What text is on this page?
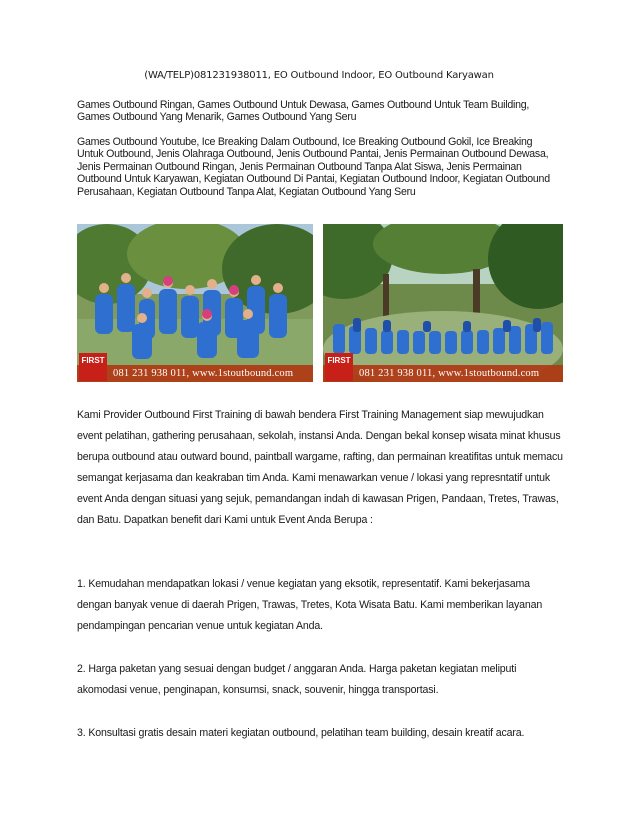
(WA/TELP)081231938011, EO Outbound Indoor, EO Outbound Karyawan

Games Outbound Ringan, Games Outbound Untuk Dewasa, Games Outbound Untuk Team Building, Games Outbound Yang Menarik, Games Outbound Yang Seru

Games Outbound Youtube, Ice Breaking Dalam Outbound, Ice Breaking Outbound Gokil, Ice Breaking Untuk Outbound, Jenis Olahraga Outbound, Jenis Outbound Pantai, Jenis Permainan Outbound Dewasa, Jenis Permainan Outbound Ringan, Jenis Permainan Outbound Tanpa Alat Siswa, Jenis Permainan Outbound Untuk Karyawan, Kegiatan Outbound Di Pantai, Kegiatan Outbound Indoor, Kegiatan Outbound Perusahaan, Kegiatan Outbound Tanpa Alat, Kegiatan Outbound Yang Seru

FIRST
081 231 938 011, www.1stoutbound.com
FIRST
081 231 938 011, www.1stoutbound.com

Kami Provider Outbound First Training di bawah bendera First Training Management siap mewujudkan event pelatihan, gathering perusahaan, sekolah, instansi Anda. Dengan bekal konsep wisata minat khusus berupa outbound atau outward bound, paintball wargame, rafting, dan permainan kreatifitas untuk memacu semangat kerjasama dan keakraban tim Anda. Kami menawarkan venue / lokasi yang represntatif untuk event Anda dengan situasi yang sejuk, pemandangan indah di kawasan Prigen, Pandaan, Tretes, Trawas, dan Batu. Dapatkan benefit dari Kami untuk Event Anda Berupa :

1. Kemudahan mendapatkan lokasi / venue kegiatan yang eksotik, representatif. Kami bekerjasama dengan banyak venue di daerah Prigen, Trawas, Tretes, Kota Wisata Batu. Kami memberikan layanan pendampingan pencarian venue untuk kegiatan Anda.

2. Harga paketan yang sesuai dengan budget / anggaran Anda. Harga paketan kegiatan meliputi akomodasi venue, penginapan, konsumsi, snack, souvenir, hingga transportasi.

3. Konsultasi gratis desain materi kegiatan outbound, pelatihan team building, desain kreatif acara.
